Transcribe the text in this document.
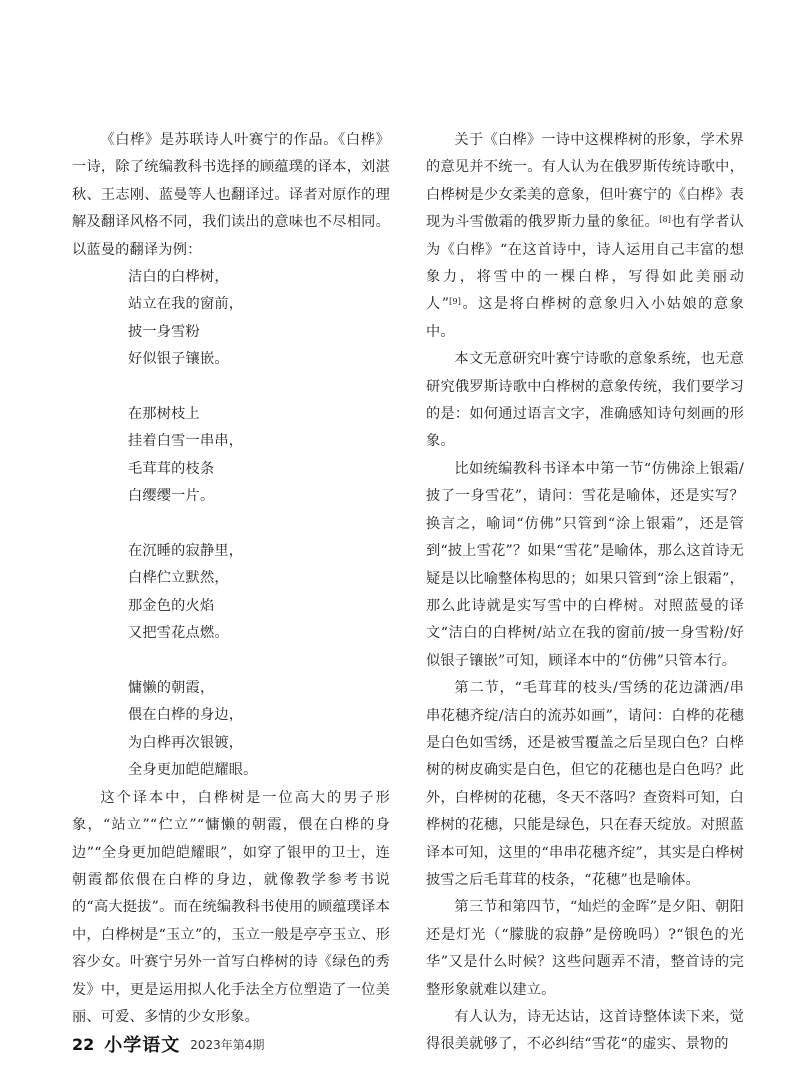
《白桦》是苏联诗人叶赛宁的作品。《白桦》一诗，除了统编教科书选择的顾蕴璞的译本，刘湛秋、王志刚、蓝曼等人也翻译过。译者对原作的理解及翻译风格不同，我们读出的意味也不尽相同。以蓝曼的翻译为例：

洁白的白桦树，

站立在我的窗前，

披一身雪粉

好似银子镶嵌。

在那树枝上

挂着白雪一串串，

毛茸茸的枝条

白缨缨一片。

在沉睡的寂静里，

白桦伫立默然，

那金色的火焰

又把雪花点燃。

慵懒的朝霞，

偎在白桦的身边，

为白桦再次银镀，

全身更加皑皑耀眼。

这个译本中，白桦树是一位高大的男子形象，“站立”“伫立”“慵懒的朝霞，偎在白桦的身边”“全身更加皑皑耀眼”，如穿了银甲的卫士，连朝霞都依偎在白桦的身边，就像教学参考书说的“高大挺拔”。而在统编教科书使用的顾蕴璞译本中，白桦树是“玉立”的，玉立一般是亭亭玉立、形容少女。叶赛宁另外一首写白桦树的诗《绿色的秀发》中，更是运用拟人化手法全方位塑造了一位美丽、可爱、多情的少女形象。

关于《白桦》一诗中这棵桦树的形象，学术界的意见并不统一。有人认为在俄罗斯传统诗歌中，白桦树是少女柔美的意象，但叶赛宁的《白桦》表现为斗雪傲霜的俄罗斯力量的象征。[8]也有学者认为《白桦》“在这首诗中，诗人运用自己丰富的想象力，将雪中的一棵白桦，写得如此美丽动人”[9]。这是将白桦树的意象归入小姑娘的意象中。

本文无意研究叶赛宁诗歌的意象系统，也无意研究俄罗斯诗歌中白桦树的意象传统，我们要学习的是：如何通过语言文字，准确感知诗句刻画的形象。

比如统编教科书译本中第一节“仿佛涂上银霜/披了一身雪花”，请问：雪花是喻体，还是实写？换言之，喻词“仿佛”只管到“涂上银霜”，还是管到“披上雪花”？如果“雪花”是喻体，那么这首诗无疑是以比喻整体构思的；如果只管到“涂上银霜”，那么此诗就是实写雪中的白桦树。对照蓝曼的译文“洁白的白桦树/站立在我的窗前/披一身雪粉/好似银子镶嵌”可知，顾译本中的“仿佛”只管本行。

第二节，“毛茸茸的枝头/雪绣的花边潇洒/串串花穗齐绽/洁白的流苏如画”，请问：白桦的花穗是白色如雪绣，还是被雪覆盖之后呈现白色？白桦树的树皮确实是白色，但它的花穗也是白色吗？此外，白桦树的花穗，冬天不落吗？查资料可知，白桦树的花穗，只能是绿色，只在春天绽放。对照蓝译本可知，这里的“串串花穗齐绽”，其实是白桦树披雪之后毛茸茸的枝条，“花穗”也是喻体。

第三节和第四节，“灿烂的金晖”是夕阳、朝阳还是灯光（“朦胧的寂静”是傍晚吗）?“银色的光华”又是什么时候？这些问题弄不清，整首诗的完整形象就难以建立。

有人认为，诗无达诂，这首诗整体读下来，觉得很美就够了，不必纠结“雪花“的虚实、景物的

22 小学语文 2023年第4期
